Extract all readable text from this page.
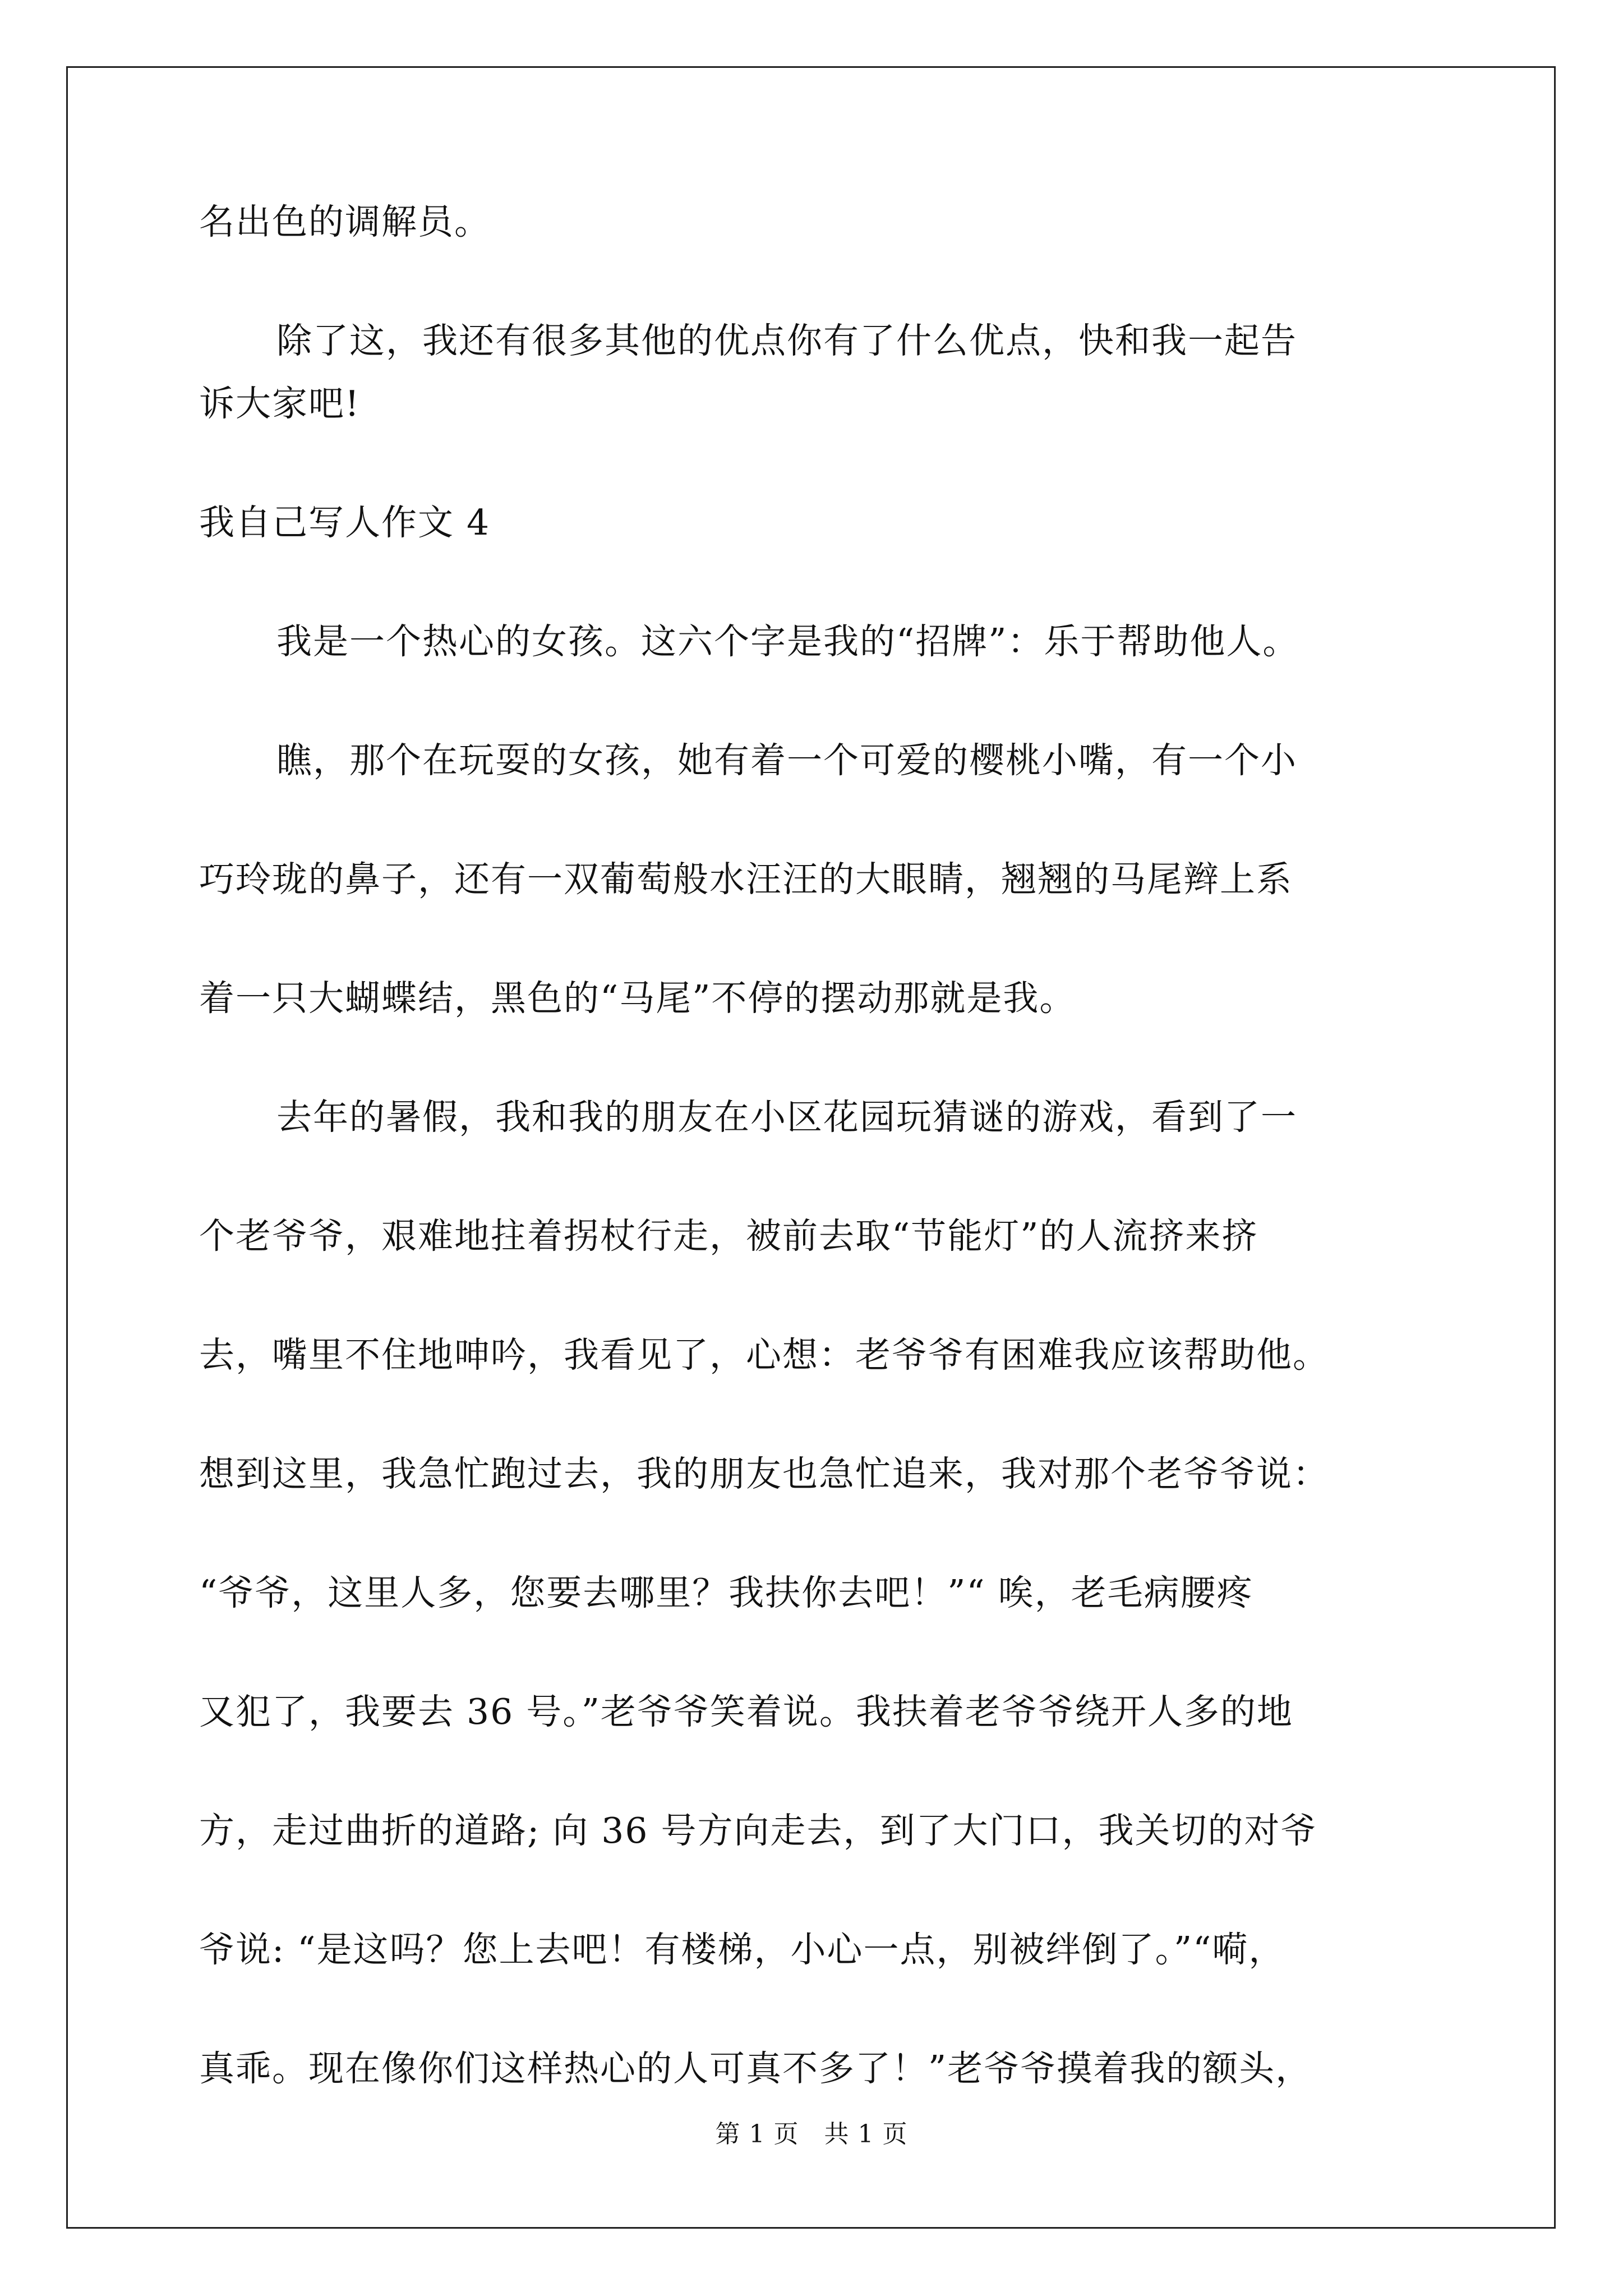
名出色的调解员。
除了这，我还有很多其他的优点你有了什么优点，快和我一起告
诉大家吧!
我自己写人作文 4
我是一个热心的女孩。这六个字是我的“招牌”：乐于帮助他人。
瞧，那个在玩耍的女孩，她有着一个可爱的樱桃小嘴，有一个小
巧玲珑的鼻子，还有一双葡萄般水汪汪的大眼睛，翘翘的马尾辫上系
着一只大蝴蝶结，黑色的“马尾”不停的摆动那就是我。
去年的暑假，我和我的朋友在小区花园玩猜谜的游戏，看到了一
个老爷爷，艰难地拄着拐杖行走，被前去取“节能灯”的人流挤来挤
去，嘴里不住地呻吟，我看见了，心想：老爷爷有困难我应该帮助他。
想到这里，我急忙跑过去，我的朋友也急忙追来，我对那个老爷爷说：
“爷爷，这里人多，您要去哪里？我扶你去吧！”“ 唉，老毛病腰疼
又犯了，我要去 36 号。”老爷爷笑着说。我扶着老爷爷绕开人多的地
方，走过曲折的道路; 向 36 号方向走去，到了大门口，我关切的对爷
爷说: “是这吗？您上去吧！有楼梯，小心一点，别被绊倒了。”“嗬，
真乖。现在像你们这样热心的人可真不多了！”老爷爷摸着我的额头，
第 1 页　共 1 页
